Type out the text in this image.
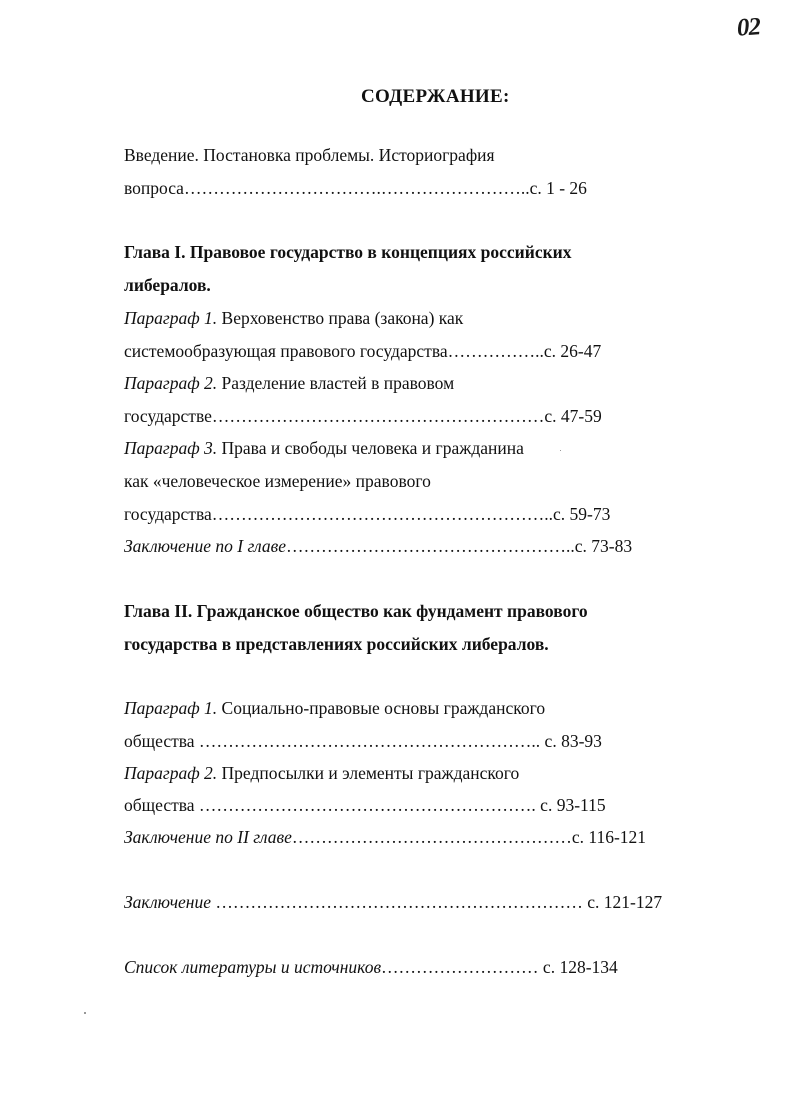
02
СОДЕРЖАНИЕ:
Введение. Постановка проблемы. Историография
вопроса…………………………….……………………..с. 1 - 26
Глава I. Правовое государство в концепциях российских
либералов.
Параграф 1. Верховенство права (закона) как
системообразующая правового государства……………..с. 26-47
Параграф 2. Разделение властей в правовом
государстве…………………………………………………с. 47-59
Параграф 3. Права и свободы человека и гражданина
как «человеческое измерение» правового
государства…………………………………………………..с. 59-73
Заключение по I главе…………………………………………..с. 73-83
Глава II. Гражданское общество как фундамент правового
государства в представлениях российских либералов.
Параграф 1. Социально-правовые основы гражданского
общества ………………………………………………….. с. 83-93
Параграф 2. Предпосылки и элементы гражданского
общества …………………………………………………. с. 93-115
Заключение по II главе…………………………………………с. 116-121
Заключение ……………………………………………………… с. 121-127
Список литературы и источников……………………… с. 128-134
